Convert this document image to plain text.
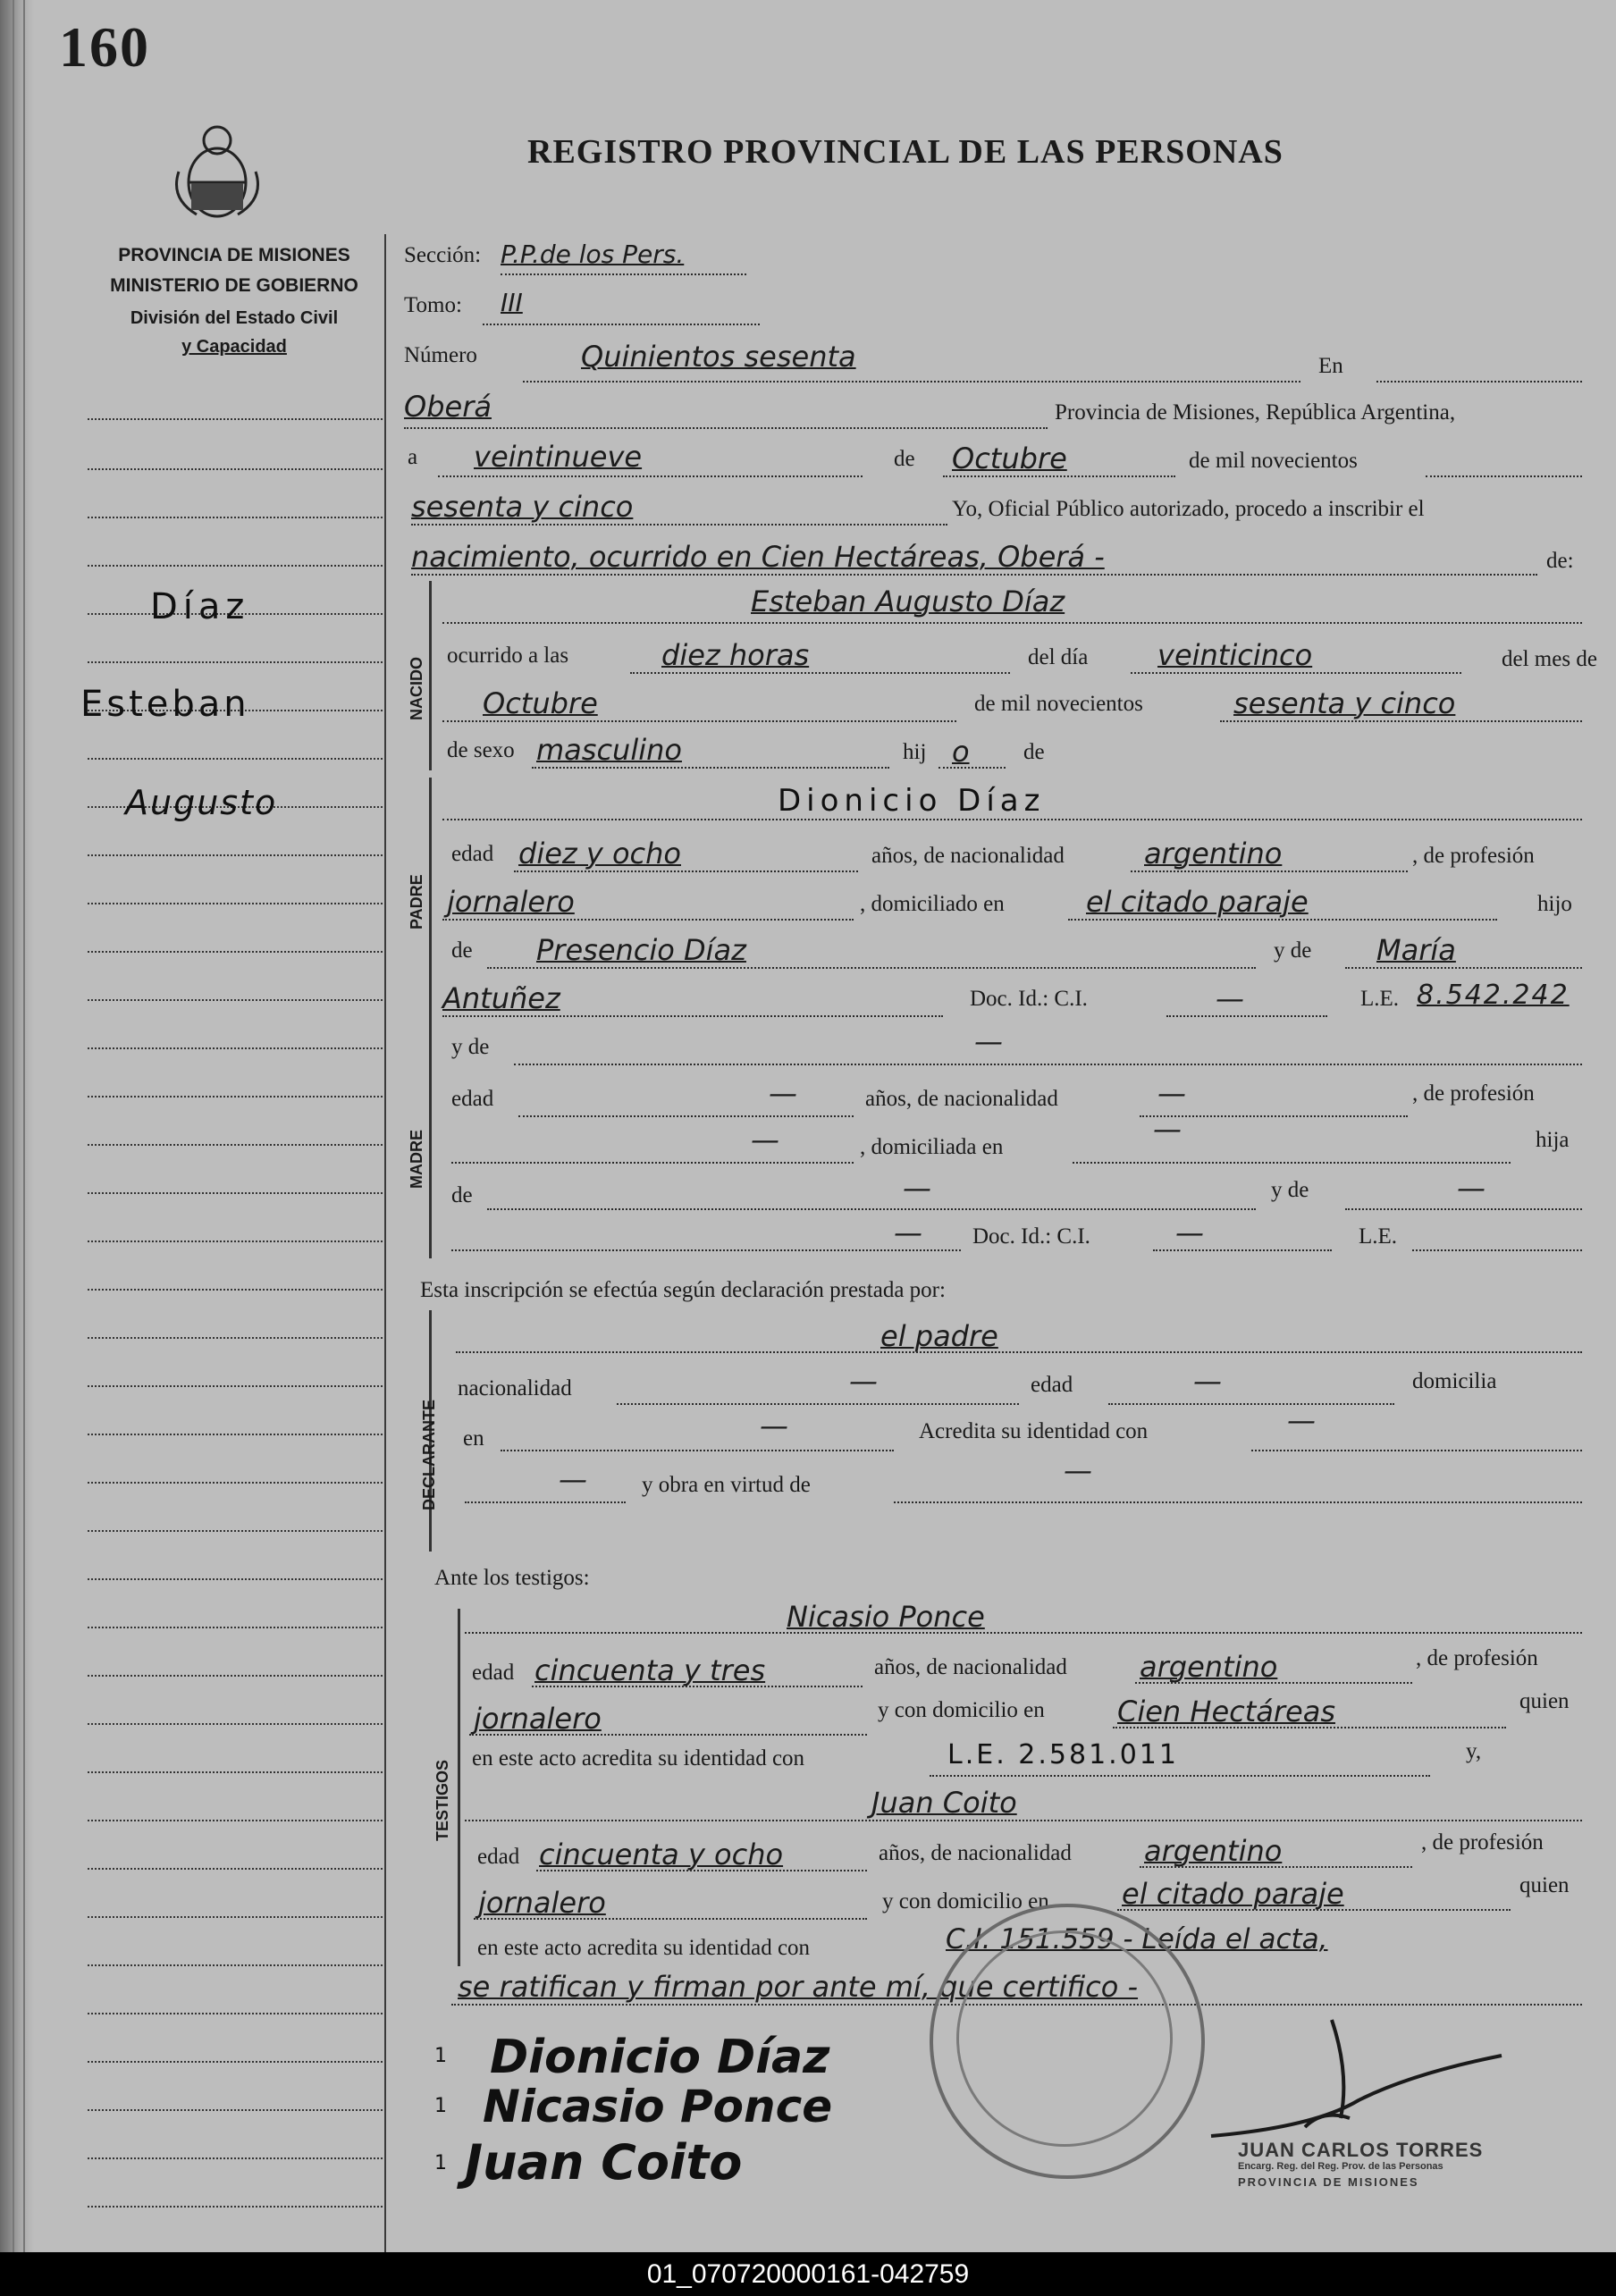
160
REGISTRO PROVINCIAL DE LAS PERSONAS
PROVINCIA DE MISIONES
MINISTERIO DE GOBIERNO
División del Estado Civil
y Capacidad
Díaz
Esteban
Augusto
Sección: P.P.de los Pers.
Tomo: III
Número	Quinientos sesenta	En
Oberá	Provincia de Misiones, República Argentina,
a veintinueve	de Octubre	de mil novecientos
sesenta y cinco	Yo, Oficial Público autorizado, procedo a inscribir el
nacimiento, ocurrido en Cien Hectáreas, Oberá -	de:
NACIDO
Esteban Augusto Díaz
ocurrido a las	diez horas	del día veinticinco	del mes de
Octubre	de mil novecientos	sesenta y cinco
de sexo masculino	hij o de
PADRE
Dionicio Díaz
edad diez y ocho	años, de nacionalidad	argentino	, de profesión
jornalero	, domiciliado en	el citado paraje	hijo
de Presencio Díaz	y de María
Antuñez	Doc. Id.: C.I.	—	L.E. 8.542.242
MADRE
y de	—
edad	—	años, de nacionalidad	—	, de profesión
—	, domiciliada en
—	hija
de	—	y de	—
— Doc. Id.: C.I.	—	L.E.
Esta inscripción se efectúa según declaración prestada por:
DECLARANTE
el padre
nacionalidad	—	edad	—	domicilia
en	—	Acredita su identidad con	—
— y obra en virtud de	—
Ante los testigos:
TESTIGOS
Nicasio Ponce
edad cincuenta y tres	años, de nacionalidad	argentino	, de profesión
jornalero	y con domicilio en	Cien Hectáreas	quien
en este acto acredita su identidad con	L.E. 2.581.011	y,
Juan Coito
edad cincuenta y ocho	años, de nacionalidad	argentino	, de profesión
jornalero	y con domicilio en	el citado paraje	quien
en este acto acredita su identidad con	C.I. 151.559 - Leída el acta,
se ratifican y firman por ante mí, que certifico -
1 Dionicio Díaz
1 Nicasio Ponce
1 Juan Coito	JUAN CARLOS TORRES
Encarg. Reg. del Reg. Prov. de las Personas
PROVINCIA DE MISIONES
01_070720000161-042759
